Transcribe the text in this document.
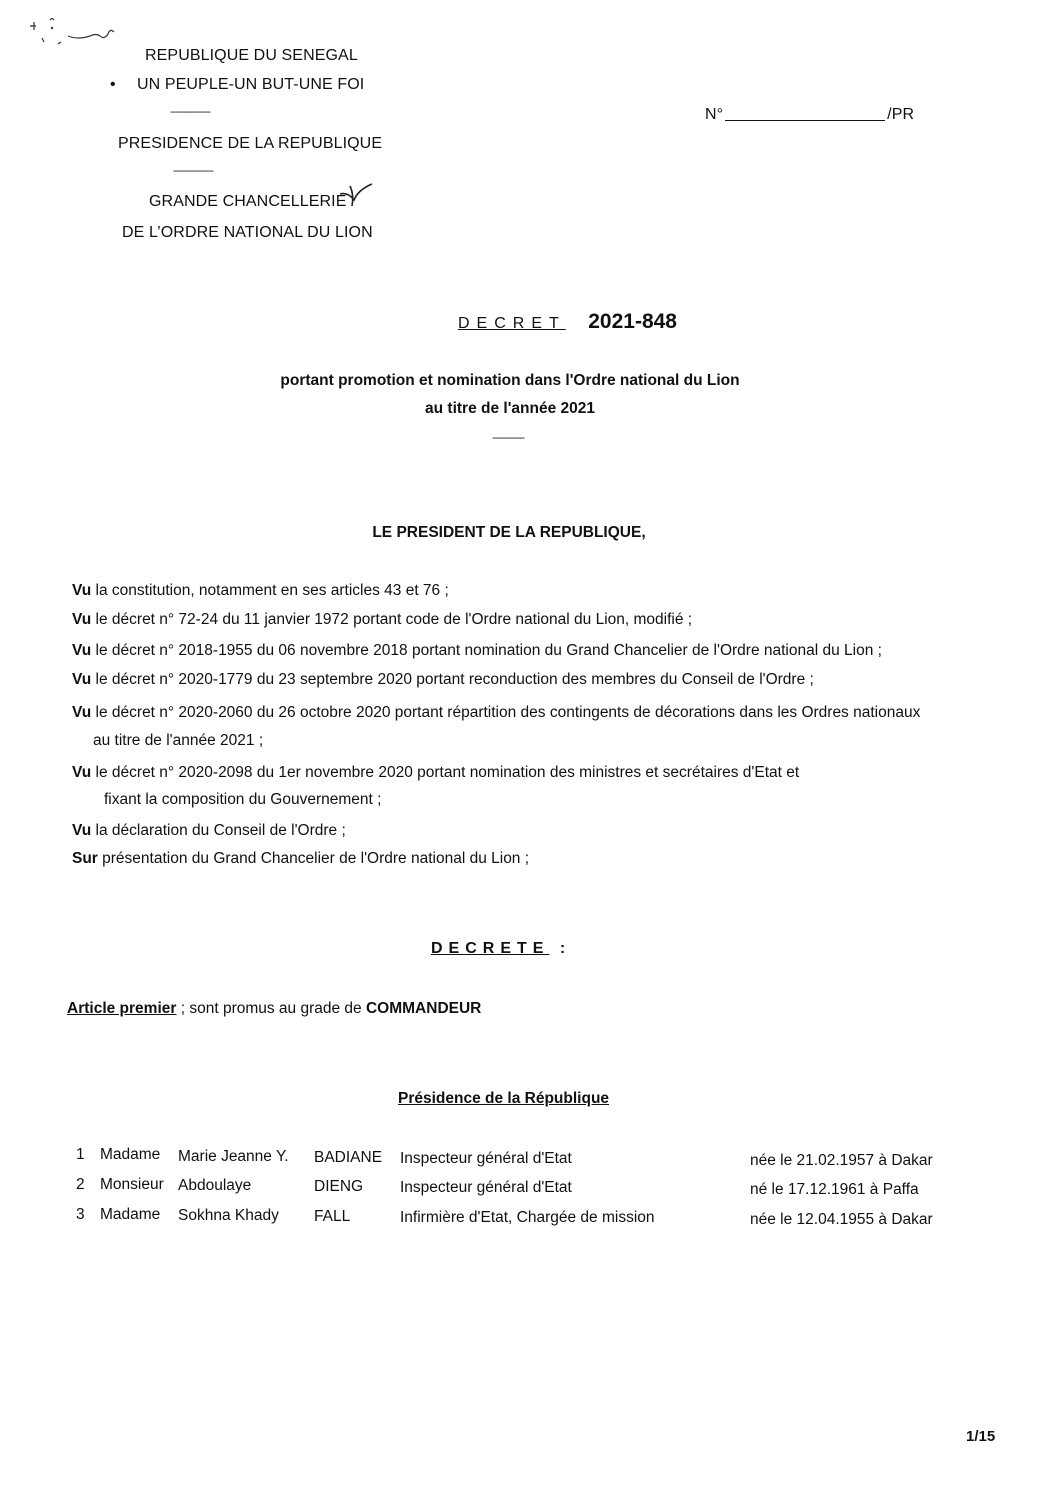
REPUBLIQUE DU SENEGAL
• UN PEUPLE-UN BUT-UNE FOI
---------------
PRESIDENCE DE LA REPUBLIQUE
---------------
GRANDE CHANCELLERIE
DE L’ORDRE NATIONAL DU LION
N°	/PR
DECRET 2021-848
portant promotion et nomination dans l'Ordre national du Lion
au titre de l'année 2021
------------
LE PRESIDENT DE LA REPUBLIQUE,
Vu la constitution, notamment en ses articles 43 et 76 ;
Vu le décret n° 72-24 du 11 janvier 1972 portant code de l'Ordre national du Lion, modifié ;
Vu le décret n° 2018-1955 du 06 novembre 2018 portant nomination du Grand Chancelier de l'Ordre national du Lion ;
Vu le décret n° 2020-1779 du 23 septembre 2020 portant reconduction des membres du Conseil de l'Ordre ;
Vu le décret n° 2020-2060 du 26 octobre 2020 portant répartition des contingents de décorations dans les Ordres nationaux
au titre de l'année 2021 ;
Vu le décret n° 2020-2098 du 1er novembre 2020 portant nomination des ministres et secrétaires d'Etat et
fixant la composition du Gouvernement ;
Vu la déclaration du Conseil de l'Ordre ;
Sur présentation du Grand Chancelier de l'Ordre national du Lion ;
DECRETE :
Article premier ; sont promus au grade de COMMANDEUR
Présidence de la République
1 Madame Marie Jeanne Y. BADIANE Inspecteur général d'Etat	née le 21.02.1957 à Dakar
2 Monsieur Abdoulaye	DIENG Inspecteur général d'Etat	né le 17.12.1961 à Paffa
3 Madame Sokhna Khady FALL	Infirmière d'Etat, Chargée de mission	née le 12.04.1955 à Dakar
1/15
